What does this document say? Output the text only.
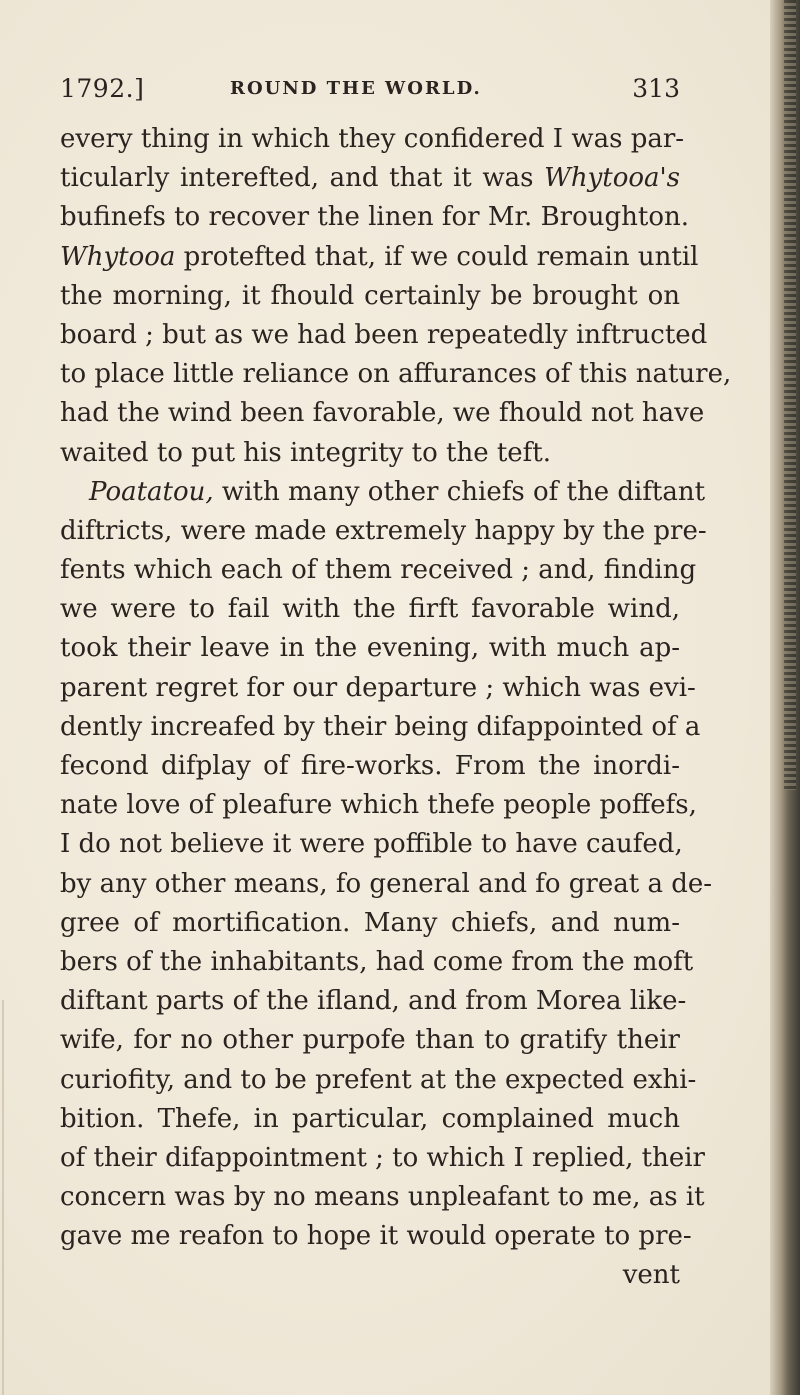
1792.]	ROUND THE WORLD.	313
every thing in which they confidered I was par-
ticularly interefted, and that it was Whytooa's
bufinefs to recover the linen for Mr. Broughton.
Whytooa protefted that, if we could remain until
the morning, it fhould certainly be brought on
board ; but as we had been repeatedly inftructed
to place little reliance on affurances of this nature,
had the wind been favorable, we fhould not have
waited to put his integrity to the teft.
Poatatou, with many other chiefs of the diftant
diftricts, were made extremely happy by the pre-
fents which each of them received ; and, finding
we were to fail with the firft favorable wind,
took their leave in the evening, with much ap-
parent regret for our departure ; which was evi-
dently increafed by their being difappointed of a
fecond difplay of fire-works. From the inordi-
nate love of pleafure which thefe people poffefs,
I do not believe it were poffible to have caufed,
by any other means, fo general and fo great a de-
gree of mortification. Many chiefs, and num-
bers of the inhabitants, had come from the moft
diftant parts of the ifland, and from Morea like-
wife, for no other purpofe than to gratify their
curiofity, and to be prefent at the expected exhi-
bition. Thefe, in particular, complained much
of their difappointment ; to which I replied, their
concern was by no means unpleafant to me, as it
gave me reafon to hope it would operate to pre-
vent
